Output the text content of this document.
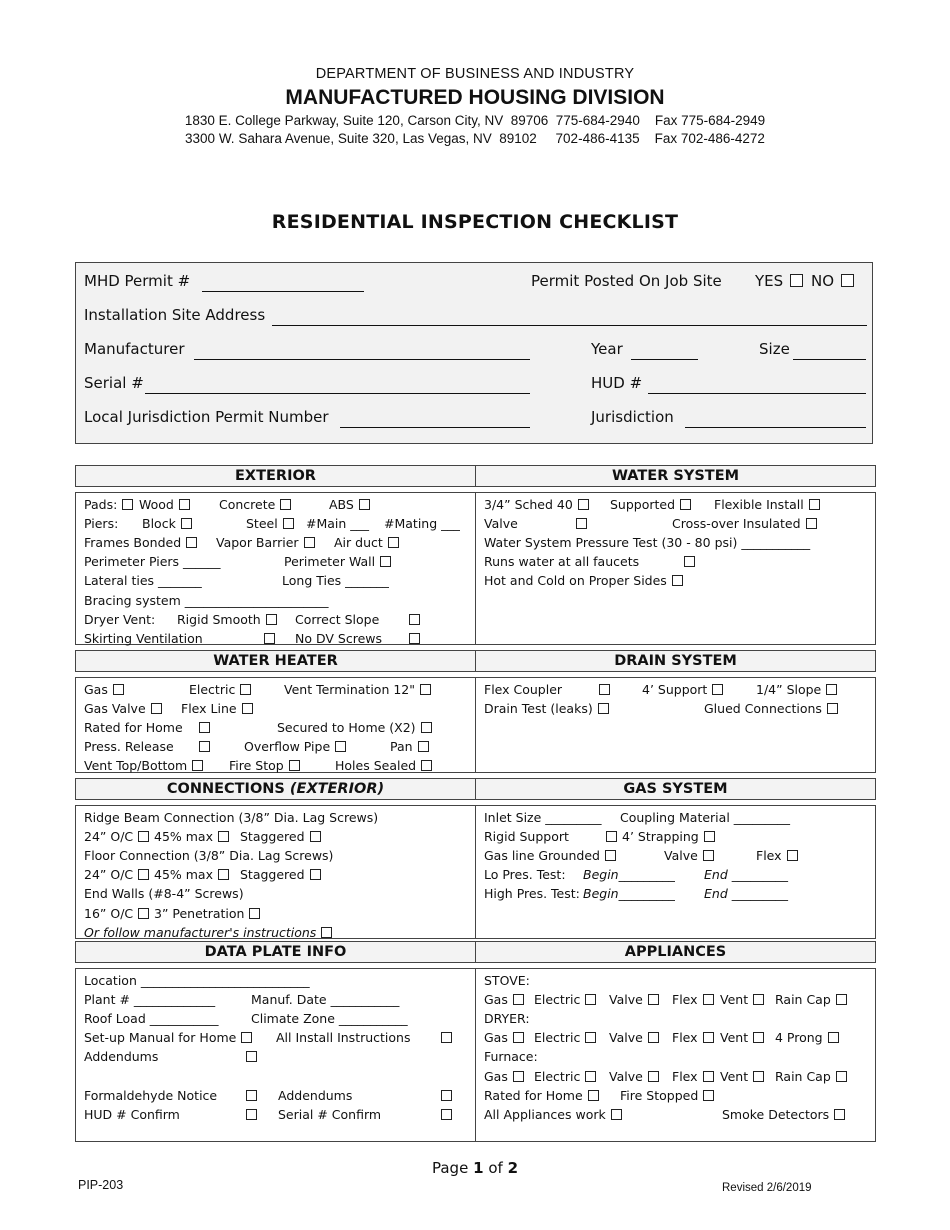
DEPARTMENT OF BUSINESS AND INDUSTRY
MANUFACTURED HOUSING DIVISION
1830 E. College Parkway, Suite 120, Carson City, NV  89706  775-684-2940    Fax 775-684-2949
3300 W. Sahara Avenue, Suite 320, Las Vegas, NV  89102     702-486-4135    Fax 702-486-4272
RESIDENTIAL INSPECTION CHECKLIST
MHD Permit #	Permit Posted On Job Site YES	NO
Installation Site Address
Manufacturer	Year	Size
Serial #	HUD #
Local Jurisdiction Permit Number	Jurisdiction
EXTERIOR
Pads:	Wood	Concrete	ABS
Piers: Block	Steel	#Main ___ #Mating ___
Frames Bonded	Vapor Barrier	Air duct
Perimeter Piers ______	Perimeter Wall
Lateral ties _______	Long Ties _______
Bracing system _______________________
Dryer Vent: Rigid Smooth	Correct Slope
Skirting Ventilation	No DV Screws
WATER SYSTEM
3/4” Sched 40	Supported	Flexible Install
Valve	Cross-over Insulated
Water System Pressure Test (30 - 80 psi) ___________
Runs water at all faucets
Hot and Cold on Proper Sides
WATER HEATER
Gas	Electric	Vent Termination 12"
Gas Valve	Flex Line
Rated for Home	Secured to Home (X2)
Press. Release	Overflow Pipe	Pan
Vent Top/Bottom	Fire Stop	Holes Sealed
DRAIN SYSTEM
Flex Coupler	4’ Support	1/4” Slope
Drain Test (leaks)	Glued Connections
CONNECTIONS (EXTERIOR)
Ridge Beam Connection (3/8” Dia. Lag Screws)
24” O/C	45% max	Staggered
Floor Connection (3/8” Dia. Lag Screws)
24” O/C	45% max	Staggered
End Walls (#8-4” Screws)
16” O/C	3” Penetration
Or follow manufacturer's instructions
GAS SYSTEM
Inlet Size _________ Coupling Material _________
Rigid Support	4’ Strapping
Gas line Grounded	Valve	Flex
Lo Pres. Test: Begin_________ End _________
High Pres. Test: Begin_________ End _________
DATA PLATE INFO
Location ___________________________
Plant # _____________	Manuf. Date ___________
Roof Load ___________	Climate Zone ___________
Set-up Manual for Home	All Install Instructions
Addendums
Formaldehyde Notice	Addendums
HUD # Confirm	Serial # Confirm
APPLIANCES
STOVE:
Gas	Electric	Valve	Flex	Vent	Rain Cap
DRYER:
Gas	Electric	Valve	Flex	Vent	4 Prong
Furnace:
Gas	Electric	Valve	Flex	Vent	Rain Cap
Rated for Home	Fire Stopped
All Appliances work	Smoke Detectors
Page 1 of 2
PIP-203	Revised 2/6/2019
